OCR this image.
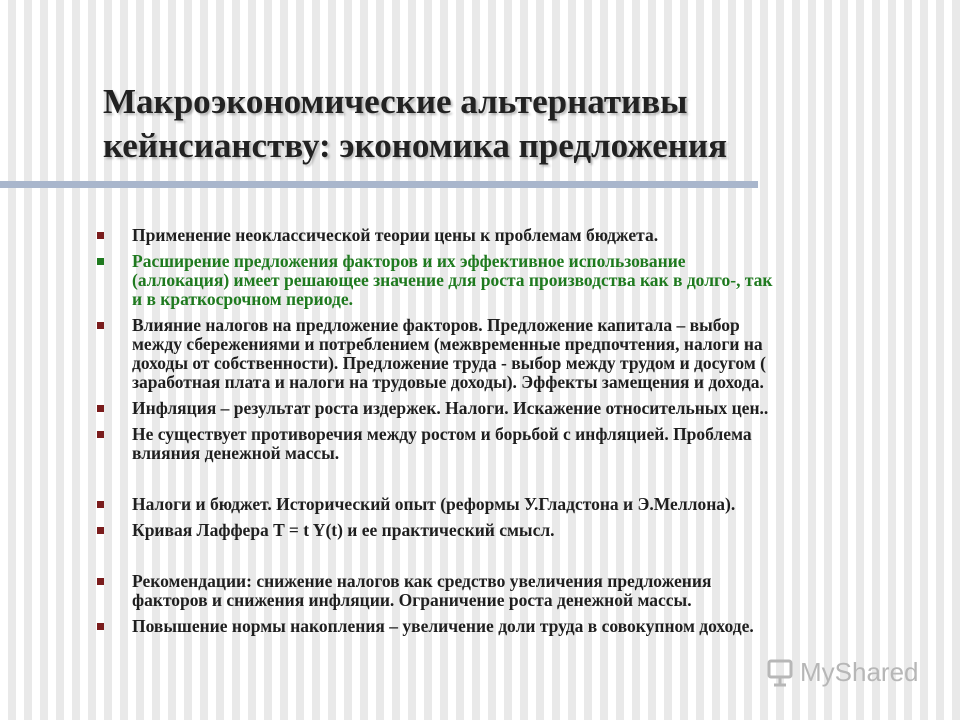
Макроэкономические альтернативы
кейнсианству: экономика предложения
Применение неоклассической теории цены к проблемам бюджета.
Расширение предложения факторов и их эффективное использование
(аллокация) имеет решающее значение для роста производства как в долго-, так
и в краткосрочном периоде.
Влияние налогов на предложение факторов. Предложение капитала – выбор
между сбережениями и потреблением (межвременные предпочтения, налоги на
доходы от собственности). Предложение труда - выбор между трудом и досугом (
заработная плата и налоги на трудовые доходы). Эффекты замещения и дохода.
Инфляция – результат роста издержек. Налоги. Искажение относительных цен..
Не существует противоречия между ростом и борьбой с инфляцией. Проблема
влияния денежной массы.
Налоги и бюджет. Исторический опыт (реформы У.Гладстона и Э.Меллона).
Кривая Лаффера T = t Y(t) и ее практический смысл.
Рекомендации: снижение налогов как средство увеличения предложения
факторов и снижения инфляции. Ограничение роста денежной массы.
Повышение нормы накопления – увеличение доли труда в совокупном доходе.
MyShared
